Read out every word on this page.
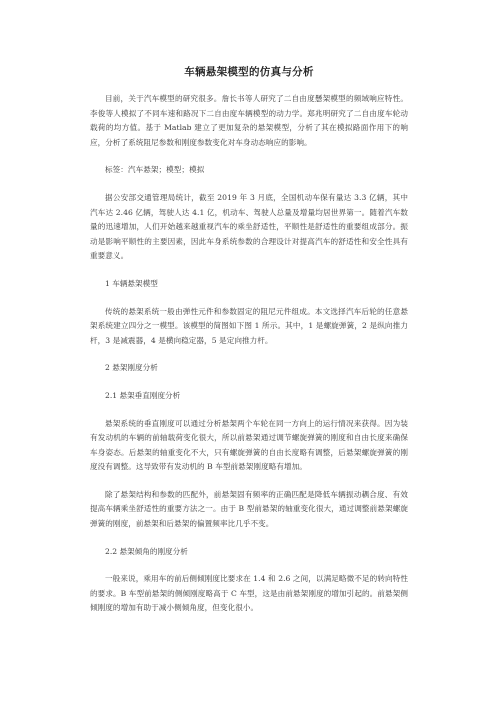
车辆悬架模型的仿真与分析

目前，关于汽车模型的研究很多。詹长书等人研究了二自由度懸架模型的频域响应特性。李俊等人模拟了不同车速和路况下二自由度车辆模型的动力学。郑兆明研究了二自由度车轮动载荷的均方值。基于 Matlab 建立了更加复杂的悬架模型，分析了其在模拟路面作用下的响应，分析了系统阻尼参数和刚度参数变化对车身动态响应的影响。

标签：汽车悬架；模型；模拟

据公安部交通管理局统计，截至 2019 年 3 月底，全国机动车保有量达 3.3 亿辆，其中汽车达 2.46 亿辆，驾驶人达 4.1 亿，机动车、驾驶人总量及增量均居世界第一。随着汽车数量的迅速增加，人们开始越来越重视汽车的乘坐舒适性，平顺性是舒适性的重要组成部分。振动是影响平顺性的主要因素，因此车身系统参数的合理设计对提高汽车的舒适性和安全性具有重要意义。

1 车辆悬架模型

传统的悬架系统一般由弹性元件和参数固定的阻尼元件组成。本文选择汽车后轮的任意悬架系统建立四分之一模型。该模型的简图如下图 1 所示。其中，1 是螺旋弹簧，2 是纵向推力杆，3 是减震器，4 是横向稳定器，5 是定向推力杆。

2 悬架刚度分析

2.1 悬架垂直刚度分析

悬架系统的垂直刚度可以通过分析悬架两个车轮在同一方向上的运行情况来获得。因为装有发动机的车辆的前轴载荷变化很大，所以前悬架通过调节螺旋弹簧的刚度和自由长度来确保车身姿态。后悬架的轴重变化不大，只有螺旋弹簧的自由长度略有调整，后悬架螺旋弹簧的刚度没有调整。这导致带有发动机的 B 车型前悬架刚度略有增加。

除了悬架结构和参数的匹配外，前悬架固有频率的正确匹配是降低车辆振动耦合度、有效提高车辆乘坐舒适性的重要方法之一。由于 B 型前悬架的轴重变化很大，通过调整前悬架螺旋弹簧的刚度，前悬架和后悬架的偏置频率比几乎不变。

2.2 悬架倾角的刚度分析

一般来说，乘用车的前后侧倾刚度比要求在 1.4 和 2.6 之间，以满足略微不足的转向特性的要求。B 车型前悬架的侧倾刚度略高于 C 车型，这是由前悬架刚度的增加引起的。前悬架侧倾刚度的增加有助于减小侧倾角度，但变化很小。
